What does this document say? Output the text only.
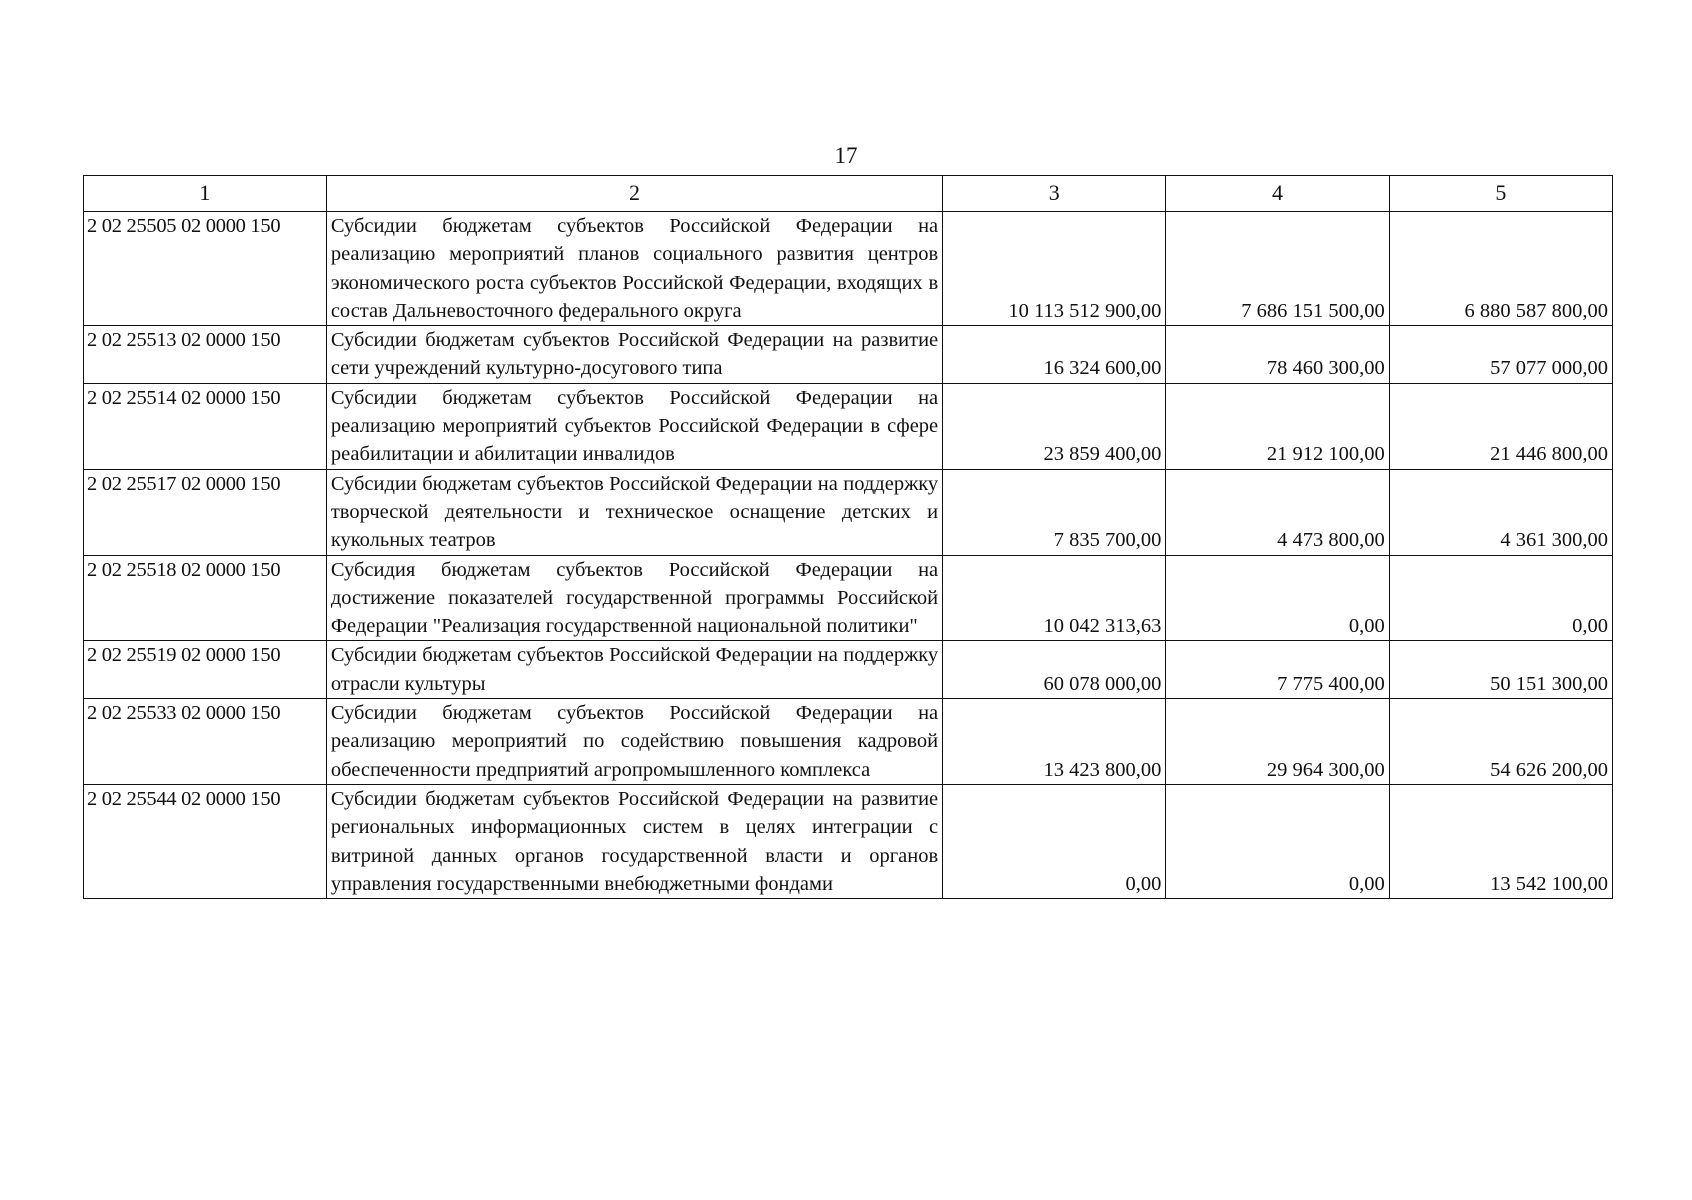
17
1	2	3	4	5
2 02 25505 02 0000 150	Субсидии бюджетам субъектов Российской Федерации на реализацию мероприятий планов социального развития центров экономического роста субъектов Российской Федерации, входящих в состав Дальневосточного федерального округа	10 113 512 900,00	7 686 151 500,00	6 880 587 800,00
2 02 25513 02 0000 150	Субсидии бюджетам субъектов Российской Федерации на развитие сети учреждений культурно-досугового типа	16 324 600,00	78 460 300,00	57 077 000,00
2 02 25514 02 0000 150	Субсидии бюджетам субъектов Российской Федерации на реализацию мероприятий субъектов Российской Федерации в сфере реабилитации и абилитации инвалидов	23 859 400,00	21 912 100,00	21 446 800,00
2 02 25517 02 0000 150	Субсидии бюджетам субъектов Российской Федерации на поддержку творческой деятельности и техническое оснащение детских и кукольных театров	7 835 700,00	4 473 800,00	4 361 300,00
2 02 25518 02 0000 150	Субсидия бюджетам субъектов Российской Федерации на достижение показателей государственной программы Российской Федерации "Реализация государственной национальной политики"	10 042 313,63	0,00	0,00
2 02 25519 02 0000 150	Субсидии бюджетам субъектов Российской Федерации на поддержку отрасли культуры	60 078 000,00	7 775 400,00	50 151 300,00
2 02 25533 02 0000 150	Субсидии бюджетам субъектов Российской Федерации на реализацию мероприятий по содействию повышения кадровой обеспеченности предприятий агропромышленного комплекса	13 423 800,00	29 964 300,00	54 626 200,00
2 02 25544 02 0000 150	Субсидии бюджетам субъектов Российской Федерации на развитие региональных информационных систем в целях интеграции с витриной данных органов государственной власти и органов управления государственными внебюджетными фондами	0,00	0,00	13 542 100,00
